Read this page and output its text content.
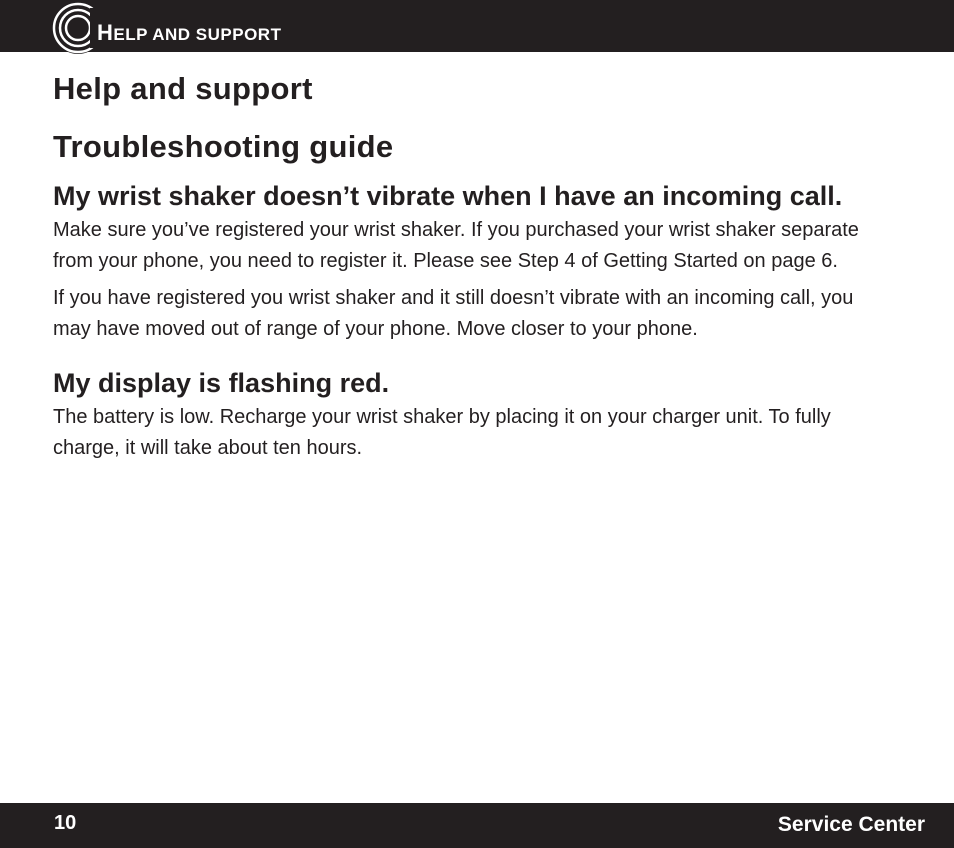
HELP AND SUPPORT
Help and support
Troubleshooting guide
My wrist shaker doesn’t vibrate when I have an incoming call.

Make sure you’ve registered your wrist shaker. If you purchased your wrist shaker separate from your phone, you need to register it. Please see Step 4 of Getting Started on page 6.

If you have registered you wrist shaker and it still doesn’t vibrate with an incoming call, you may have moved out of range of your phone. Move closer to your phone.

My display is flashing red.

The battery is low. Recharge your wrist shaker by placing it on your charger unit. To fully charge, it will take about ten hours.

10	Service Center
